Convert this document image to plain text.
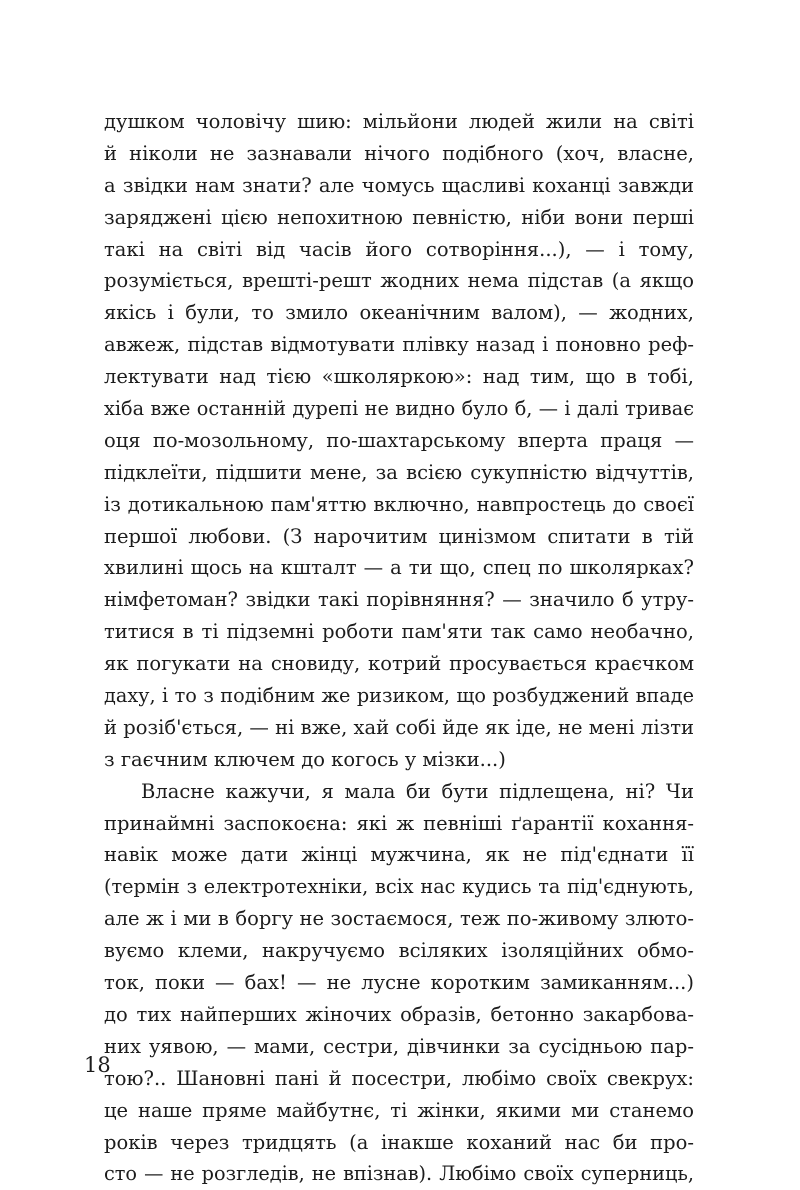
душком чоловічу шию: мільйони людей жили на світі
й ніколи не зазнавали нічого подібного (хоч, власне,
а звідки нам знати? але чомусь щасливі коханці завжди
заряджені цією непохитною певністю, ніби вони перші
такі на світі від часів його сотворіння...), — і тому,
розуміється, врешті-решт жодних нема підстав (а якщо
якісь і були, то змило океанічним валом), — жодних,
авжеж, підстав відмотувати плівку назад і поновно реф-
лектувати над тією «школяркою»: над тим, що в тобі,
хіба вже останній дурепі не видно було б, — і далі триває
оця по-мозольному, по-шахтарському вперта праця —
підклеїти, підшити мене, за всією сукупністю відчуттів,
із дотикальною пам'яттю включно, навпростець до своєї
першої любови. (З нарочитим цинізмом спитати в тій
хвилині щось на кшталт — а ти що, спец по школярках?
німфетоман? звідки такі порівняння? — значило б утру-
титися в ті підземні роботи пам'яти так само необачно,
як погукати на сновиду, котрий просувається краєчком
даху, і то з подібним же ризиком, що розбуджений впаде
й розіб'ється, — ні вже, хай собі йде як іде, не мені лізти
з гаєчним ключем до когось у мізки...)
Власне кажучи, я мала би бути підлещена, ні? Чи
принаймні заспокоєна: які ж певніші ґарантії кохання-
навік може дати жінці мужчина, як не під'єднати її
(термін з електротехніки, всіх нас кудись та під'єднують,
але ж і ми в боргу не зостаємося, теж по-живому злюто-
вуємо клеми, накручуємо всіляких ізоляційних обмо-
ток, поки — бах! — не лусне коротким замиканням...)
до тих найперших жіночих образів, бетонно закарбова-
них уявою, — мами, сестри, дівчинки за сусідньою пар-
тою?.. Шановні пані й посестри, любімо своїх свекрух:
це наше пряме майбутнє, ті жінки, якими ми станемо
років через тридцять (а інакше коханий нас би про-
сто — не розгледів, не впізнав). Любімо своїх суперниць,
18
